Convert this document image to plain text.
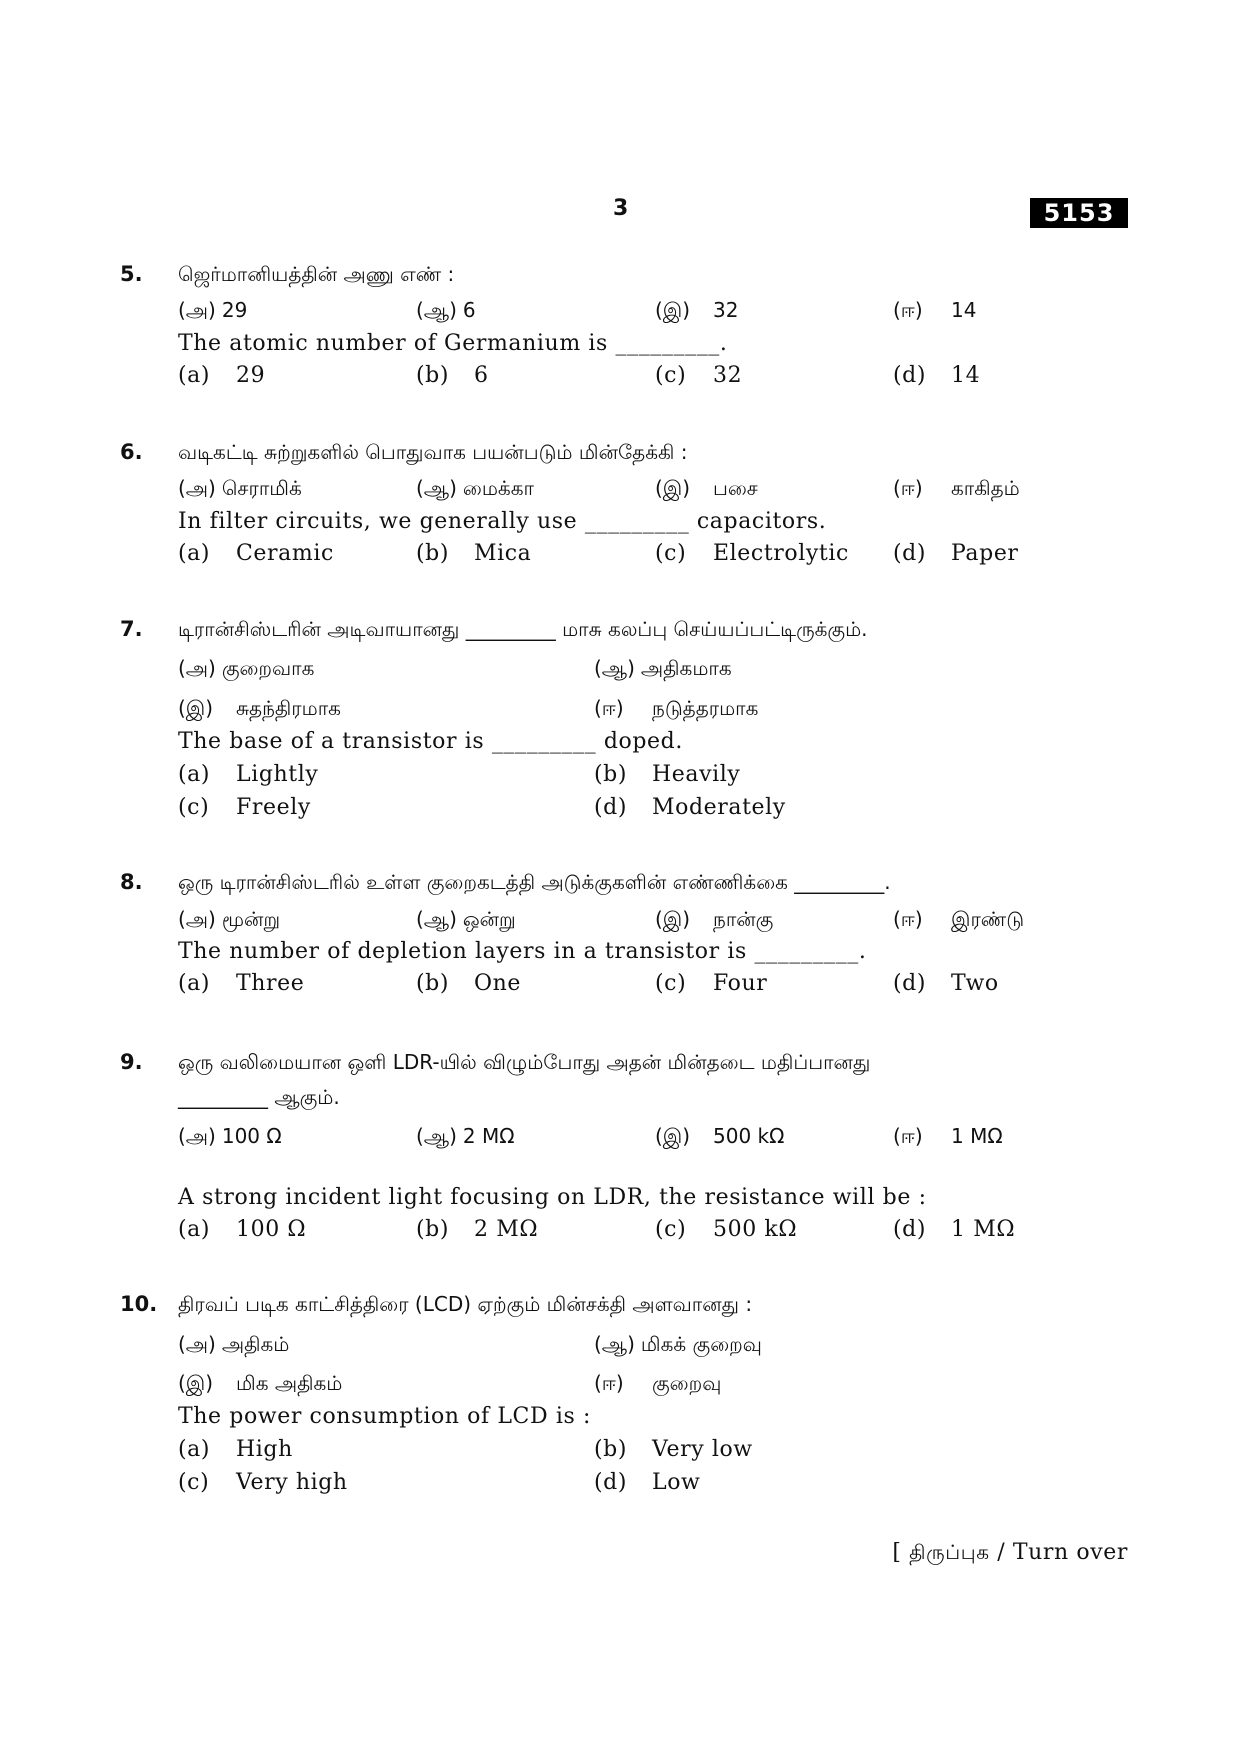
3	5153
5. ஜெர்மானியத்தின் அணு எண் :
(அ) 29	(ஆ) 6	(இ) 32	(ஈ) 14
The atomic number of Germanium is _________.
(a) 29	(b) 6	(c) 32	(d) 14
6. வடிகட்டி சுற்றுகளில் பொதுவாக பயன்படும் மின்தேக்கி :
(அ) செராமிக்	(ஆ) மைக்கா	(இ) பசை	(ஈ) காகிதம்
In filter circuits, we generally use _________ capacitors.
(a) Ceramic	(b) Mica	(c) Electrolytic (d) Paper
7. டிரான்சிஸ்டரின் அடிவாயானது _________ மாசு கலப்பு செய்யப்பட்டிருக்கும்.
(அ) குறைவாக	(ஆ) அதிகமாக
(இ) சுதந்திரமாக	(ஈ) நடுத்தரமாக
The base of a transistor is _________ doped.
(a) Lightly	(b) Heavily
(c) Freely	(d) Moderately
8. ஒரு டிரான்சிஸ்டரில் உள்ள குறைகடத்தி அடுக்குகளின் எண்ணிக்கை _________.
(அ) மூன்று	(ஆ) ஒன்று	(இ) நான்கு	(ஈ) இரண்டு
The number of depletion layers in a transistor is _________.
(a) Three	(b) One	(c) Four	(d) Two
9. ஒரு வலிமையான ஒளி LDR-யில் விழும்போது அதன் மின்தடை மதிப்பானது
_________ ஆகும்.
(அ) 100 Ω	(ஆ) 2 MΩ	(இ) 500 kΩ	(ஈ) 1 MΩ
A strong incident light focusing on LDR, the resistance will be :
(a) 100 Ω	(b) 2 MΩ	(c) 500 kΩ	(d) 1 MΩ
10. திரவப் படிக காட்சித்திரை (LCD) ஏற்கும் மின்சக்தி அளவானது :
(அ) அதிகம்	(ஆ) மிகக் குறைவு
(இ) மிக அதிகம்	(ஈ) குறைவு
The power consumption of LCD is :
(a) High	(b) Very low
(c) Very high	(d) Low
[ திருப்புக / Turn over
